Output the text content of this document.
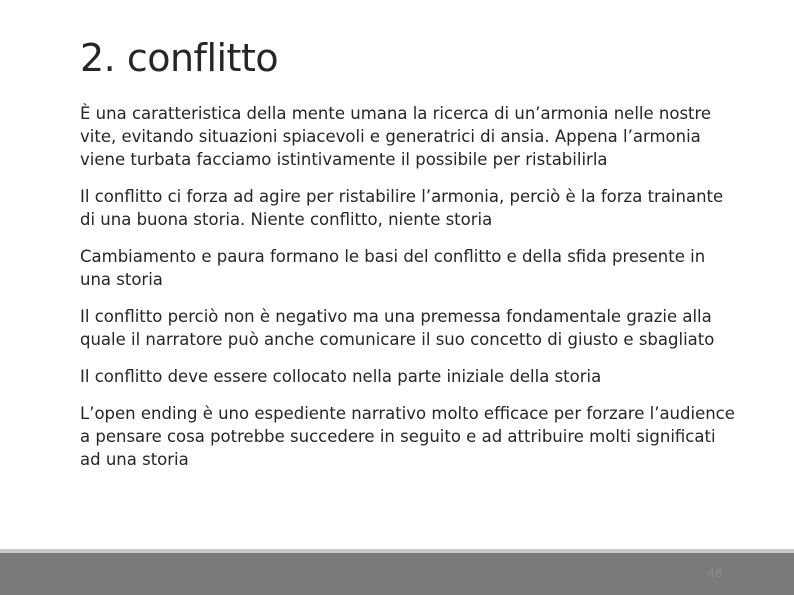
2. conflitto

È una caratteristica della mente umana la ricerca di un’armonia nelle nostre vite, evitando situazioni spiacevoli e generatrici di ansia. Appena l’armonia viene turbata facciamo istintivamente il possibile per ristabilirla

Il conflitto ci forza ad agire per ristabilire l’armonia, perciò è la forza trainante di una buona storia. Niente conflitto, niente storia

Cambiamento e paura formano le basi del conflitto e della sfida presente in una storia

Il conflitto perciò non è negativo ma una premessa fondamentale grazie alla quale il narratore può anche comunicare il suo concetto di giusto e sbagliato

Il conflitto deve essere collocato nella parte iniziale della storia

L’open ending è uno espediente narrativo molto efficace per forzare l’audience a pensare cosa potrebbe succedere in seguito e ad attribuire molti significati ad una storia

48
